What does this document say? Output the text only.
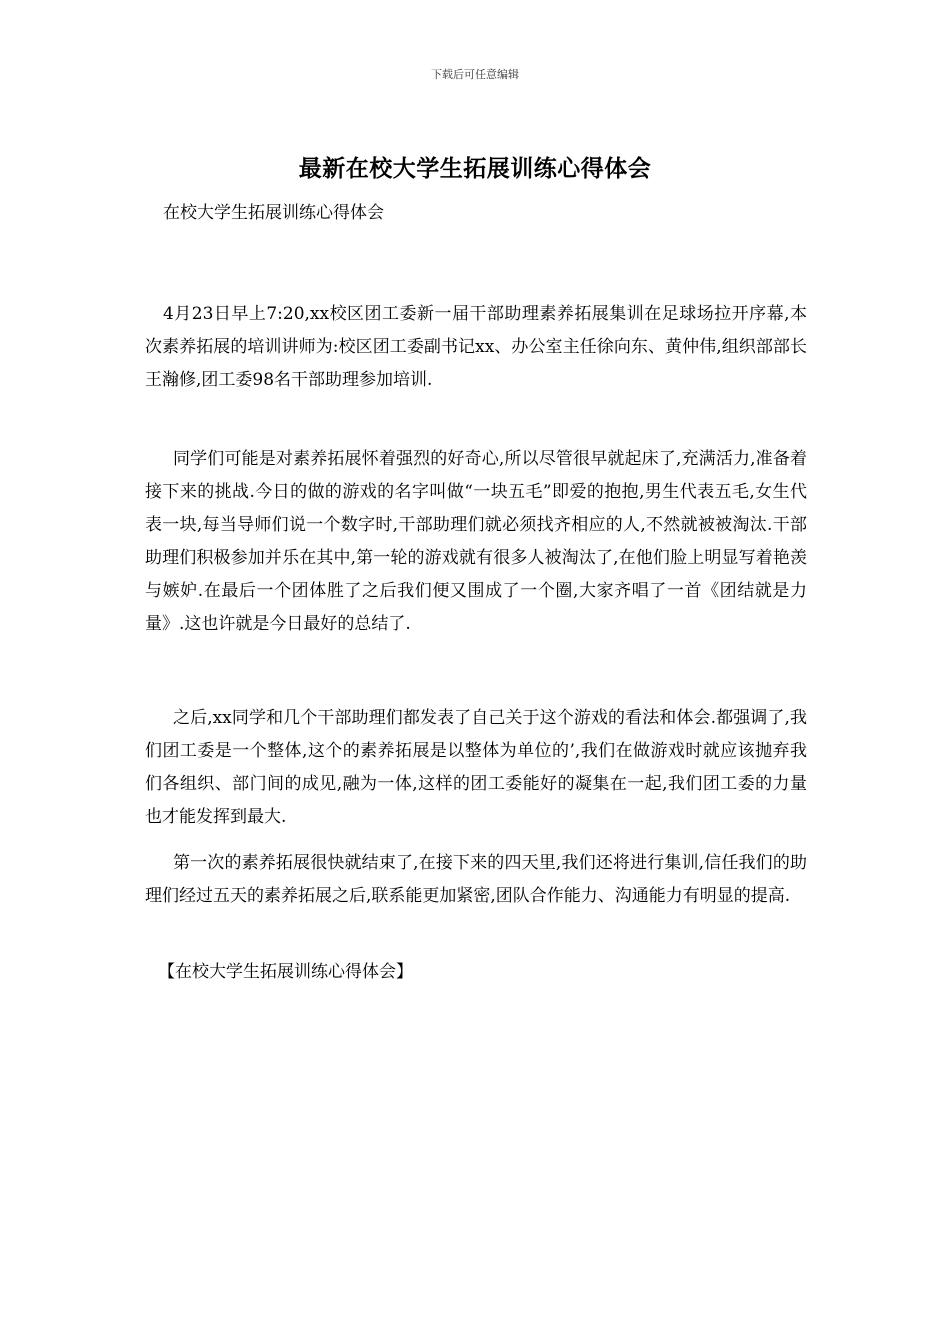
下载后可任意编辑
最新在校大学生拓展训练心得体会
在校大学生拓展训练心得体会

4月23日早上7:20,xx校区团工委新一届干部助理素养拓展集训在足球场拉开序幕,本次素养拓展的培训讲师为:校区团工委副书记xx、办公室主任徐向东、黄仲伟,组织部部长王瀚修,团工委98名干部助理参加培训.

同学们可能是对素养拓展怀着强烈的好奇心,所以尽管很早就起床了,充满活力,准备着接下来的挑战.今日的做的游戏的名字叫做“一块五毛”即爱的抱抱,男生代表五毛,女生代表一块,每当导师们说一个数字时,干部助理们就必须找齐相应的人,不然就被被淘汰.干部助理们积极参加并乐在其中,第一轮的游戏就有很多人被淘汰了,在他们脸上明显写着艳羡与嫉妒.在最后一个团体胜了之后我们便又围成了一个圈,大家齐唱了一首《团结就是力量》.这也许就是今日最好的总结了.

之后,xx同学和几个干部助理们都发表了自己关于这个游戏的看法和体会.都强调了,我们团工委是一个整体,这个的素养拓展是以整体为单位的’,我们在做游戏时就应该抛弃我们各组织、部门间的成见,融为一体,这样的团工委能好的凝集在一起,我们团工委的力量也才能发挥到最大.

第一次的素养拓展很快就结束了,在接下来的四天里,我们还将进行集训,信任我们的助理们经过五天的素养拓展之后,联系能更加紧密,团队合作能力、沟通能力有明显的提高.

【在校大学生拓展训练心得体会】
